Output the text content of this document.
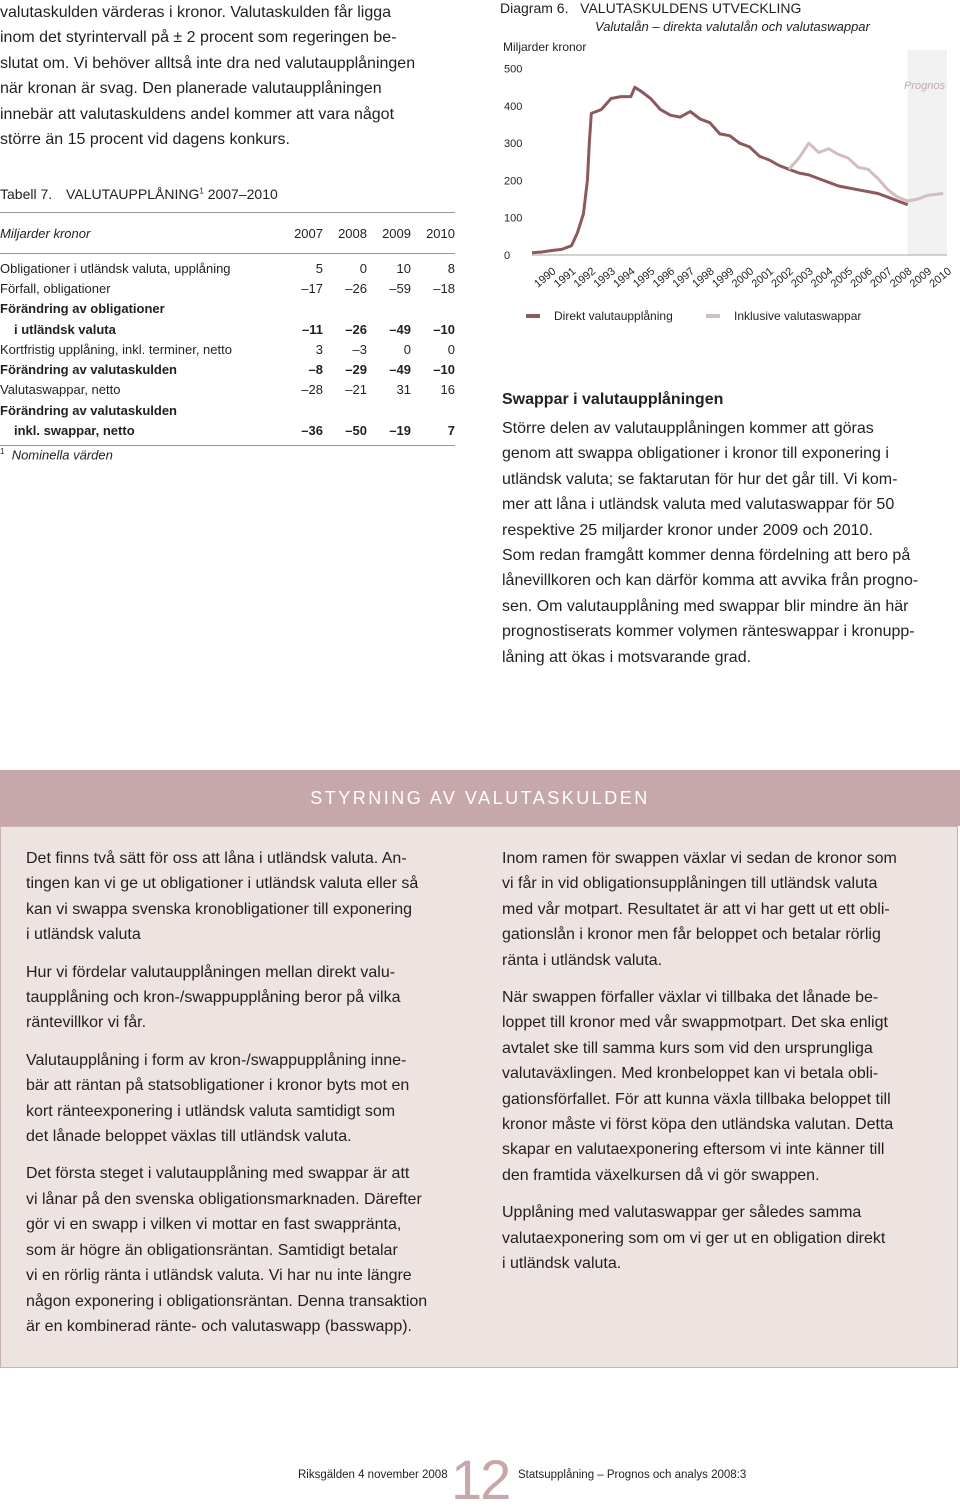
valutaskulden värderas i kronor. Valutaskulden får ligga
inom det styrintervall på ± 2 procent som regeringen be-
slutat om. Vi behöver alltså inte dra ned valutaupplåningen
när kronan är svag. Den planerade valutaupplåningen
innebär att valutaskuldens andel kommer att vara något
större än 15 procent vid dagens konkurs.
Tabell 7. VALUTAUPPLÅNING$^1$ 2007–2010
Miljarder kronor	2007	2008	2009	2010
Obligationer i utländsk valuta, upplåning	5	0 10	8
Förfall, obligationer	–17 –26 –59 –18
Förändring av obligationer
i utländsk valuta	–11 –26 –49 –10
Kortfristig upplåning, inkl. terminer, netto	3 –3	0	0
Förändring av valutaskulden	–8 –29 –49 –10
Valutaswappar, netto	–28 –21 31 16
Förändring av valutaskulden
inkl. swappar, netto	–36 –50 –19	7
$^1$ Nominella värden
Diagram 6. VALUTASKULDENS UTVECKLING
Valutalån – direkta valutalån och valutaswappar
Miljarder kronor
Prognos
0
100
200
300
400
500
1990
1991
1992
1993
1994
1995
1996
1997
1998
1999
2000
2001
2002
2003
2004
2005
2006
2007
2008
2009
2010
Direkt valutaupplåning	Inklusive valutaswappar
Swappar i valutaupplåningen
Större delen av valutaupplåningen kommer att göras
genom att swappa obligationer i kronor till exponering i
utländsk valuta; se faktarutan för hur det går till. Vi kom-
mer att låna i utländsk valuta med valutaswappar för 50
respektive 25 miljarder kronor under 2009 och 2010.
Som redan framgått kommer denna fördelning att bero på
lånevillkoren och kan därför komma att avvika från progno-
sen. Om valutaupplåning med swappar blir mindre än här
prognostiserats kommer volymen ränteswappar i kronupp-
låning att ökas i motsvarande grad.
STYRNING AV VALUTASKULDEN

Det finns två sätt för oss att låna i utländsk valuta. An-
tingen kan vi ge ut obligationer i utländsk valuta eller så
kan vi swappa svenska kronobligationer till exponering
i utländsk valuta

Hur vi fördelar valutaupplåningen mellan direkt valu-
taupplåning och kron-/swappupplåning beror på vilka
räntevillkor vi får.

Valutaupplåning i form av kron-/swappupplåning inne-
bär att räntan på statsobligationer i kronor byts mot en
kort ränteexponering i utländsk valuta samtidigt som
det lånade beloppet växlas till utländsk valuta.

Det första steget i valutaupplåning med swappar är att
vi lånar på den svenska obligationsmarknaden. Därefter
gör vi en swapp i vilken vi mottar en fast swappränta,
som är högre än obligationsräntan. Samtidigt betalar
vi en rörlig ränta i utländsk valuta. Vi har nu inte längre
någon exponering i obligationsräntan. Denna transaktion
är en kombinerad ränte- och valutaswapp (basswapp).

Inom ramen för swappen växlar vi sedan de kronor som
vi får in vid obligationsupplåningen till utländsk valuta
med vår motpart. Resultatet är att vi har gett ut ett obli-
gationslån i kronor men får beloppet och betalar rörlig
ränta i utländsk valuta.

När swappen förfaller växlar vi tillbaka det lånade be-
loppet till kronor med vår swappmotpart. Det ska enligt
avtalet ske till samma kurs som vid den ursprungliga
valutaväxlingen. Med kronbeloppet kan vi betala obli-
gationsförfallet. För att kunna växla tillbaka beloppet till
kronor måste vi först köpa den utländska valutan. Detta
skapar en valutaexponering eftersom vi inte känner till
den framtida växelkursen då vi gör swappen.

Upplåning med valutaswappar ger således samma
valutaexponering som om vi ger ut en obligation direkt
i utländsk valuta.

Riksgälden 4 november 2008 12 Statsupplåning – Prognos och analys 2008:3
